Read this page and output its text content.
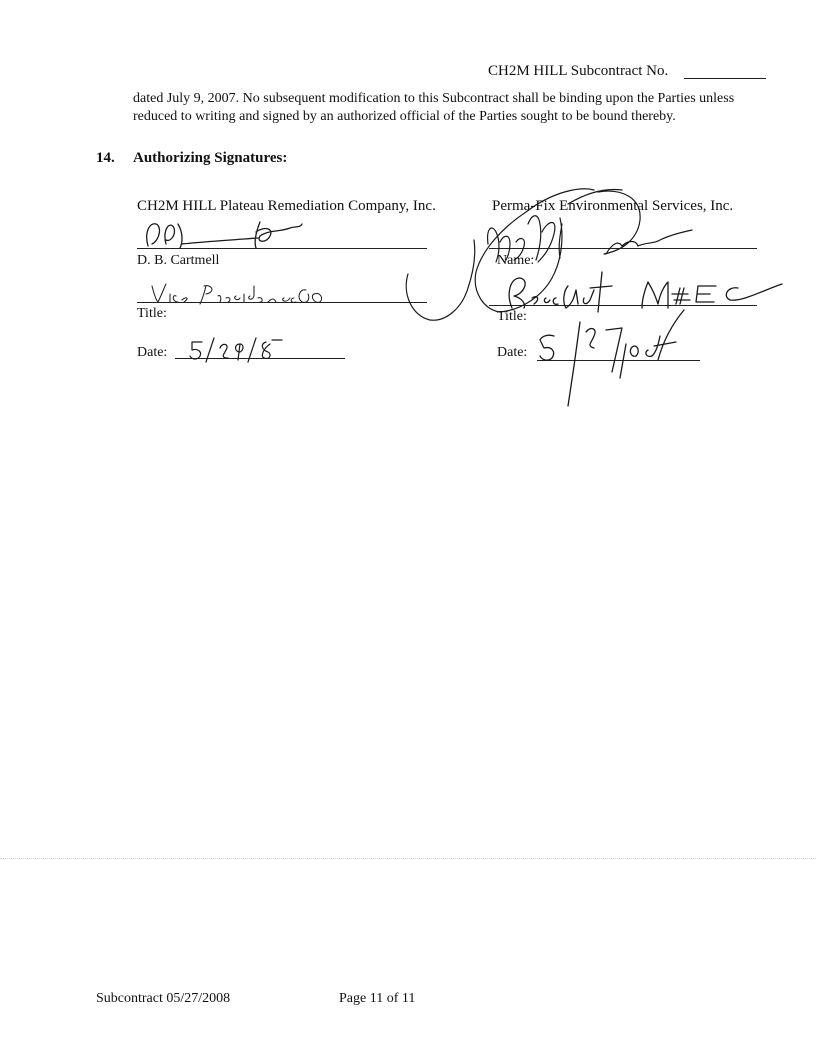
CH2M HILL Subcontract No.
dated July 9, 2007. No subsequent modification to this Subcontract shall be binding upon the Parties unless reduced to writing and signed by an authorized official of the Parties sought to be bound thereby.
14. Authorizing Signatures:
CH2M HILL Plateau Remediation Company, Inc.
D. B. Cartmell
Title:
Date:
Perma-Fix Environmental Services, Inc.
Name:
Title:
Date:
Subcontract 05/27/2008	Page 11 of 11
